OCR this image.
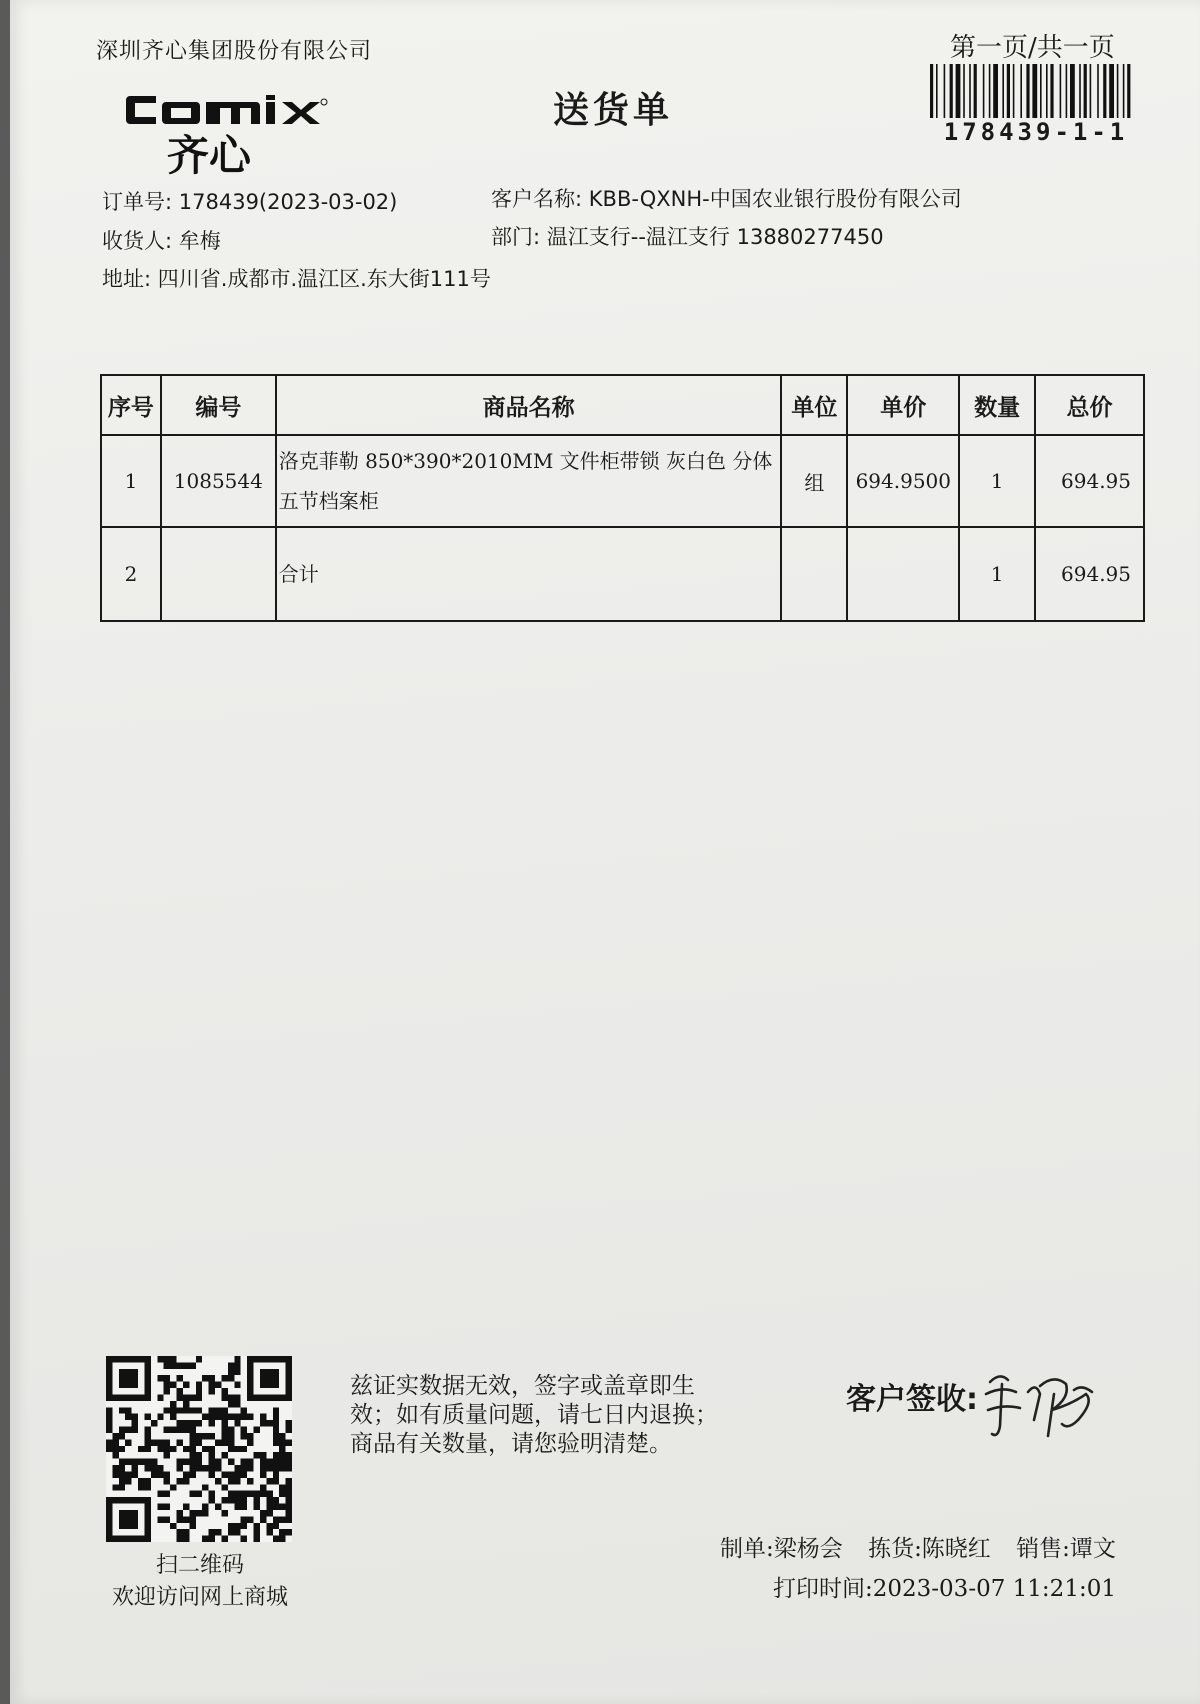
深圳齐心集团股份有限公司	第一页/共一页
178439-1-1
齐心
送货单
订单号: 178439(2023-03-02)
收货人: 牟梅
地址: 四川省.成都市.温江区.东大街111号
客户名称: KBB-QXNH-中国农业银行股份有限公司
部门: 温江支行--温江支行 13880277450
序号	编号	商品名称	单位	单价	数量	总价
1	1085544	洛克菲勒 850*390*2010MM 文件柜带锁 灰白色 分体五节档案柜	组	694.9500	1	694.95
2		合计			1	694.95
扫二维码
欢迎访问网上商城
兹证实数据无效，签字或盖章即生
效；如有质量问题，请七日内退换；
商品有关数量，请您验明清楚。
客户签收:
制单:梁杨会 拣货:陈晓红 销售:谭文
打印时间:2023-03-07 11:21:01
